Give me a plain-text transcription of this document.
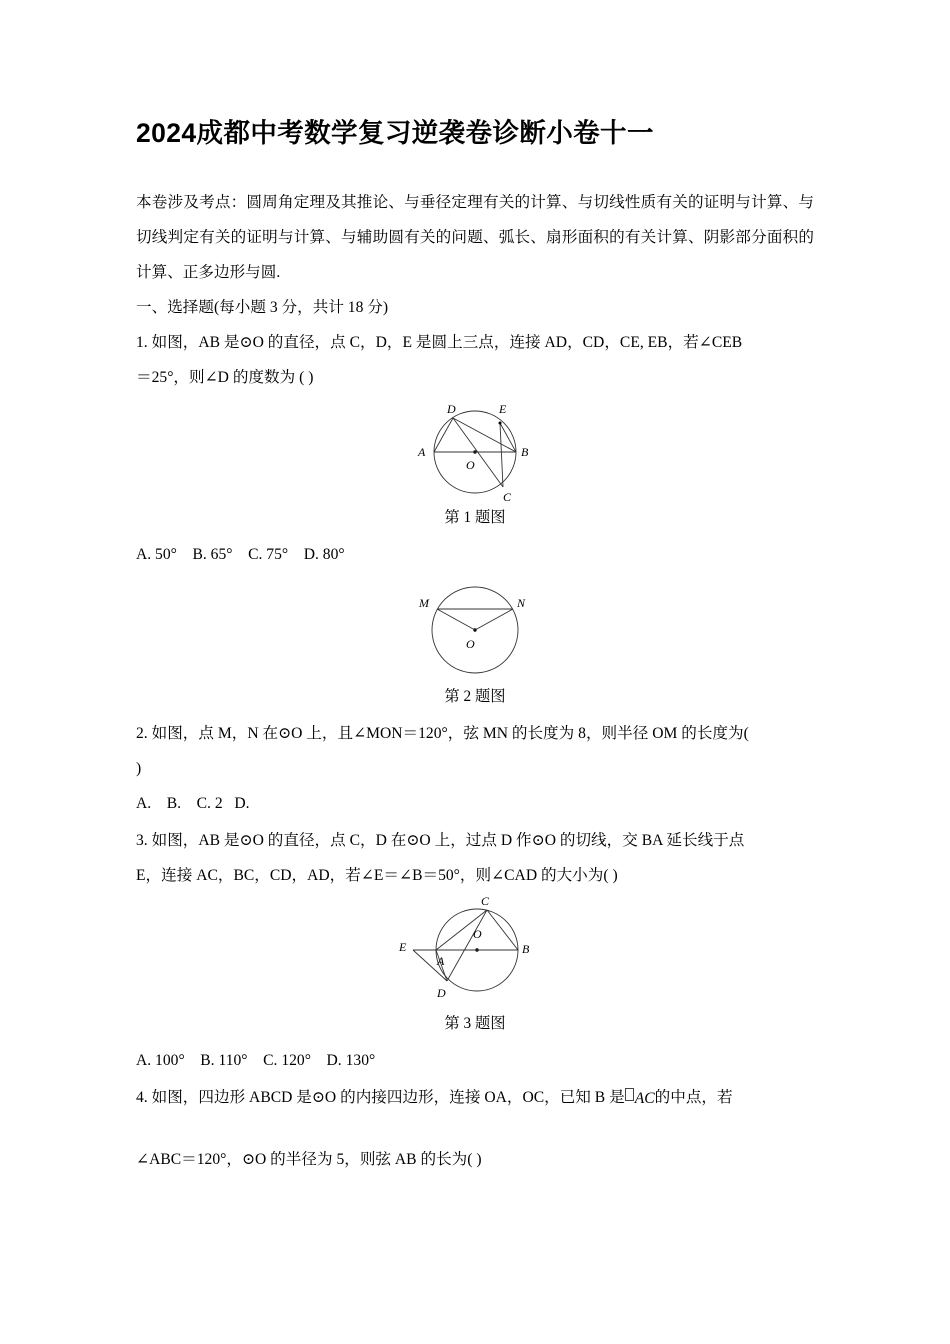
2024成都中考数学复习逆袭卷诊断小卷十一

本卷涉及考点：圆周角定理及其推论、与垂径定理有关的计算、与切线性质有关的证明与计算、与切线判定有关的证明与计算、与辅助圆有关的问题、弧长、扇形面积的有关计算、阴影部分面积的计算、正多边形与圆.

一、选择题(每小题 3 分，共计 18 分)

1. 如图，AB 是⊙O 的直径，点 C，D，E 是圆上三点，连接 AD，CD，CE, EB，若∠CEB

＝25°，则∠D 的度数为 ( )

D	E
A	B
C
O

第 1 题图

A. 50°    B. 65°    C. 75°    D. 80°

M	N
O

第 2 题图

2. 如图，点 M，N 在⊙O 上，且∠MON＝120°，弦 MN 的长度为 8，则半径 OM 的长度为(

)

A.    B.    C. 2   D.

3. 如图，AB 是⊙O 的直径，点 C，D 在⊙O 上，过点 D 作⊙O 的切线，交 BA 延长线于点

E，连接 AC，BC，CD，AD，若∠E＝∠B＝50°，则∠CAD 的大小为( )

C
E
A
B
D
O

第 3 题图

A. 100°    B. 110°    C. 120°    D. 130°

4. 如图，四边形 ABCD 是⊙O 的内接四边形，连接 OA，OC，已知 B 是 AC的中点，若

∠ABC＝120°，⊙O 的半径为 5，则弦 AB 的长为( )
